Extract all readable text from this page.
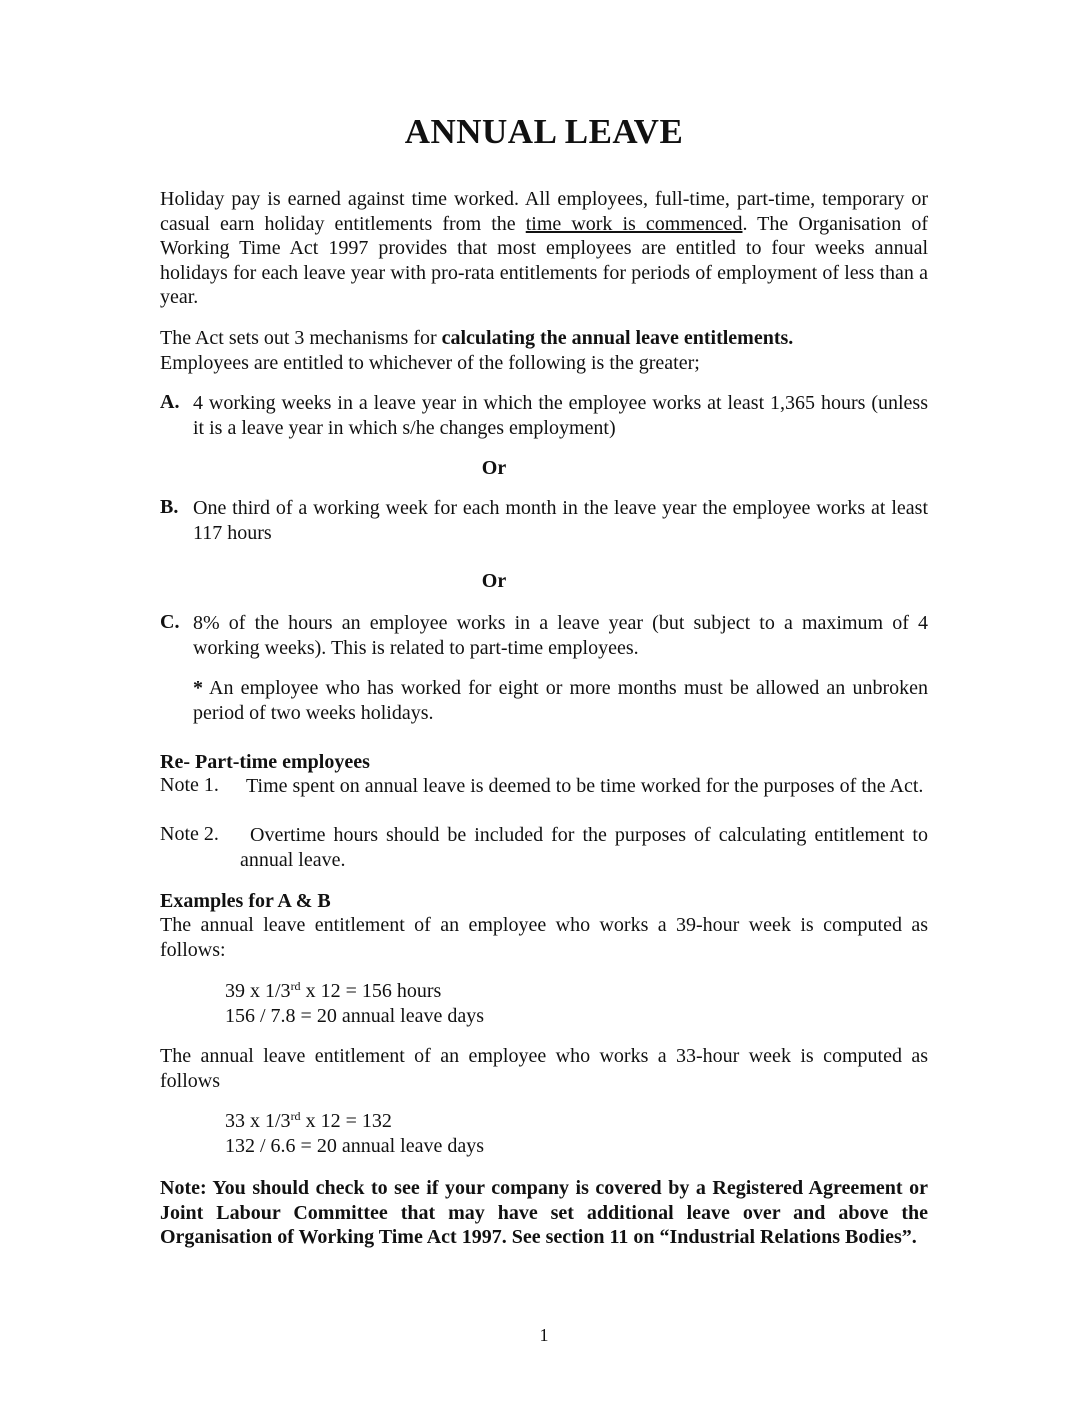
ANNUAL LEAVE

Holiday pay is earned against time worked. All employees, full-time, part-time, temporary or casual earn holiday entitlements from the time work is commenced. The Organisation of Working Time Act 1997 provides that most employees are entitled to four weeks annual holidays for each leave year with pro-rata entitlements for periods of employment of less than a year.

The Act sets out 3 mechanisms for calculating the annual leave entitlements.
Employees are entitled to whichever of the following is the greater;
A. 4 working weeks in a leave year in which the employee works at least 1,365 hours (unless it is a leave year in which s/he changes employment)
Or
B. One third of a working week for each month in the leave year the employee works at least 117 hours
Or
C. 8% of the hours an employee works in a leave year (but subject to a maximum of 4 working weeks). This is related to part-time employees.
* An employee who has worked for eight or more months must be allowed an unbroken period of two weeks holidays.
Re- Part-time employees
Note 1.	Time spent on annual leave is deemed to be time worked for the purposes of the Act.
Note 2.	Overtime hours should be included for the purposes of calculating entitlement to annual leave.
Examples for A & B
The annual leave entitlement of an employee who works a 39-hour week is computed as follows:
39 x 1/3rd x 12 = 156 hours
156 / 7.8 = 20 annual leave days
The annual leave entitlement of an employee who works a 33-hour week is computed as follows
33 x 1/3rd x 12 = 132
132 / 6.6 = 20 annual leave days
Note: You should check to see if your company is covered by a Registered Agreement or Joint Labour Committee that may have set additional leave over and above the Organisation of Working Time Act 1997. See section 11 on “Industrial Relations Bodies”.
1
